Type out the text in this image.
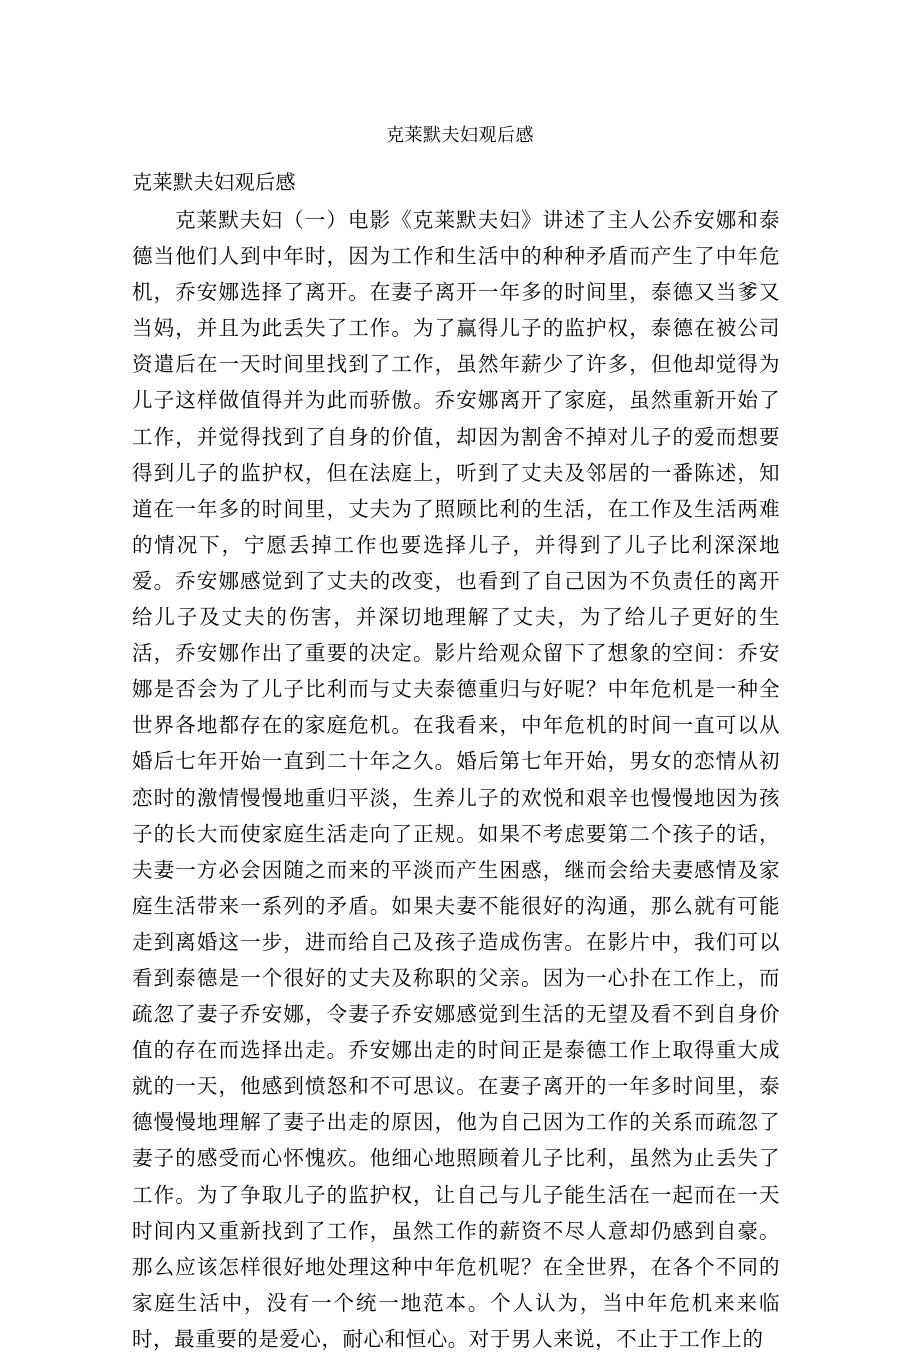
克莱默夫妇观后感
克莱默夫妇观后感

克莱默夫妇（一）电影《克莱默夫妇》讲述了主人公乔安娜和泰德当他们人到中年时，因为工作和生活中的种种矛盾而产生了中年危机，乔安娜选择了离开。在妻子离开一年多的时间里，泰德又当爹又当妈，并且为此丢失了工作。为了赢得儿子的监护权，泰德在被公司资遣后在一天时间里找到了工作，虽然年薪少了许多，但他却觉得为儿子这样做值得并为此而骄傲。乔安娜离开了家庭，虽然重新开始了工作，并觉得找到了自身的价值，却因为割舍不掉对儿子的爱而想要得到儿子的监护权，但在法庭上，听到了丈夫及邻居的一番陈述，知道在一年多的时间里，丈夫为了照顾比利的生活，在工作及生活两难的情况下，宁愿丢掉工作也要选择儿子，并得到了儿子比利深深地爱。乔安娜感觉到了丈夫的改变，也看到了自己因为不负责任的离开给儿子及丈夫的伤害，并深切地理解了丈夫，为了给儿子更好的生活，乔安娜作出了重要的决定。影片给观众留下了想象的空间：乔安娜是否会为了儿子比利而与丈夫泰德重归与好呢？中年危机是一种全世界各地都存在的家庭危机。在我看来，中年危机的时间一直可以从婚后七年开始一直到二十年之久。婚后第七年开始，男女的恋情从初恋时的激情慢慢地重归平淡，生养儿子的欢悦和艰辛也慢慢地因为孩子的长大而使家庭生活走向了正规。如果不考虑要第二个孩子的话，夫妻一方必会因随之而来的平淡而产生困惑，继而会给夫妻感情及家庭生活带来一系列的矛盾。如果夫妻不能很好的沟通，那么就有可能走到离婚这一步，进而给自己及孩子造成伤害。在影片中，我们可以看到泰德是一个很好的丈夫及称职的父亲。因为一心扑在工作上，而疏忽了妻子乔安娜，令妻子乔安娜感觉到生活的无望及看不到自身价值的存在而选择出走。乔安娜出走的时间正是泰德工作上取得重大成就的一天，他感到愤怒和不可思议。在妻子离开的一年多时间里，泰德慢慢地理解了妻子出走的原因，他为自己因为工作的关系而疏忽了妻子的感受而心怀愧疚。他细心地照顾着儿子比利，虽然为止丢失了工作。为了争取儿子的监护权，让自己与儿子能生活在一起而在一天时间内又重新找到了工作，虽然工作的薪资不尽人意却仍感到自豪。那么应该怎样很好地处理这种中年危机呢？在全世界，在各个不同的家庭生活中，没有一个统一地范本。个人认为，当中年危机来来临时，最重要的是爱心，耐心和恒心。对于男人来说，不止于工作上的
